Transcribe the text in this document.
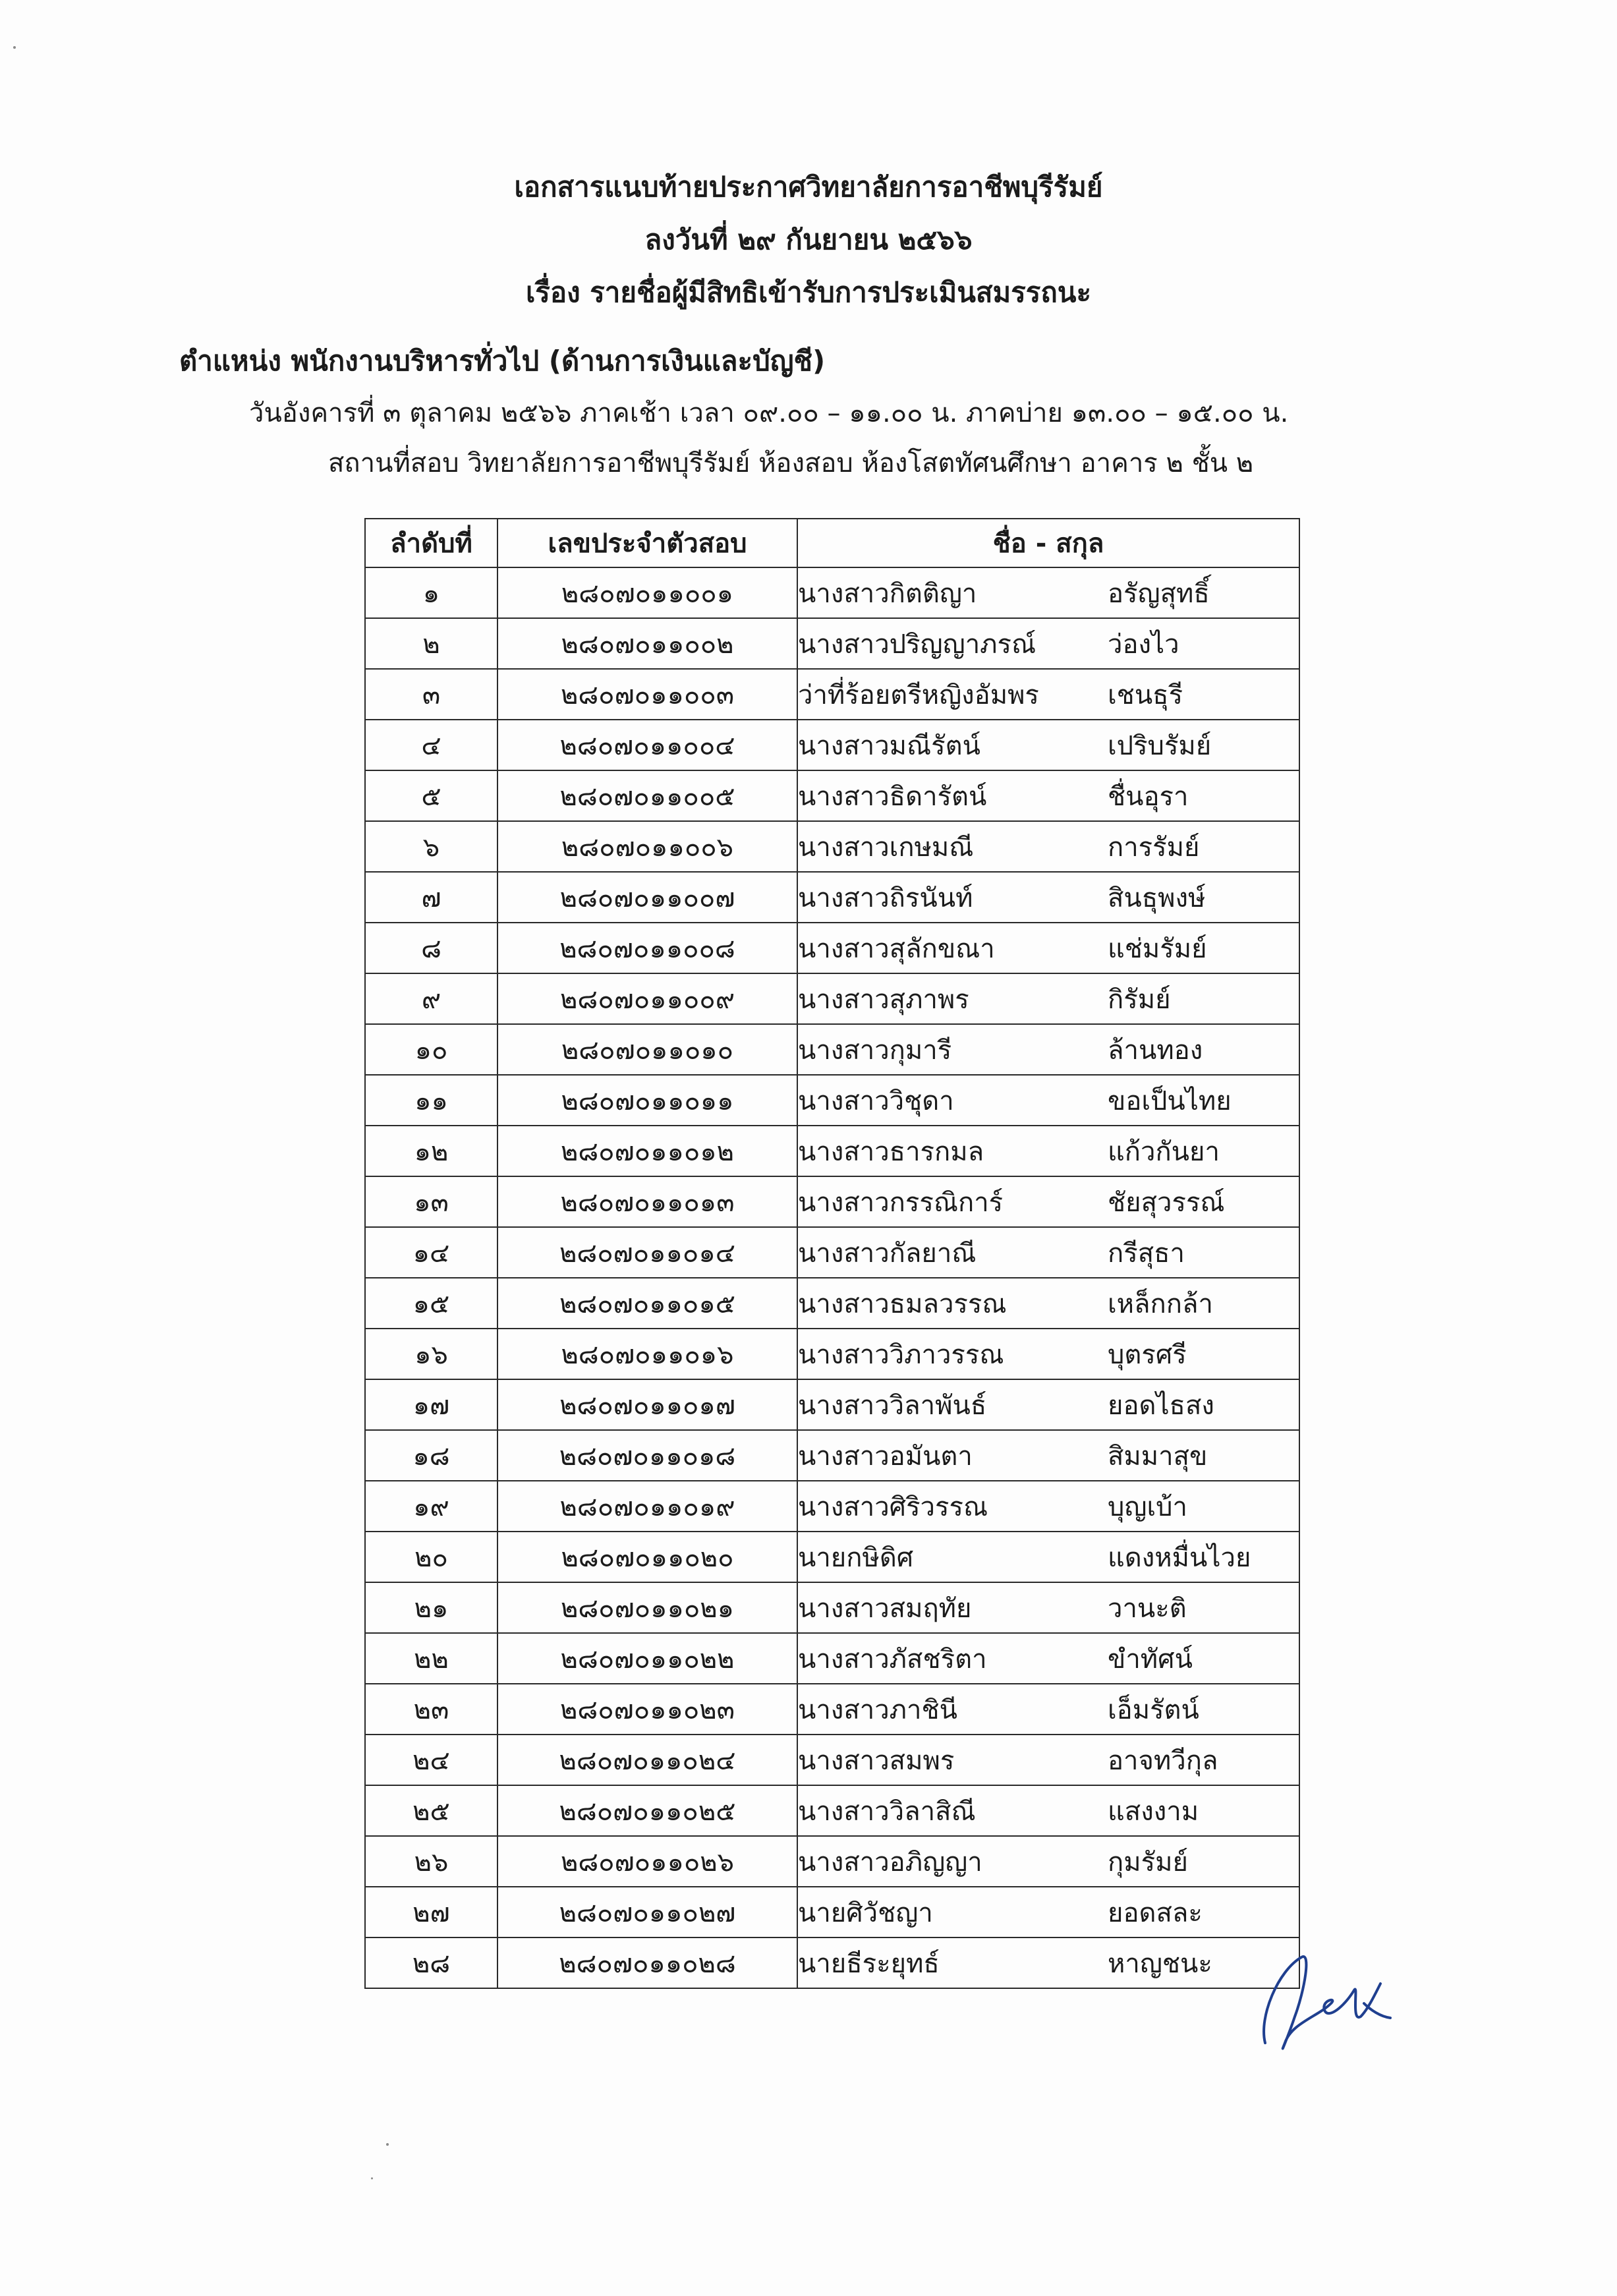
เอกสารแนบท้ายประกาศวิทยาลัยการอาชีพบุรีรัมย์
ลงวันที่ ๒๙ กันยายน ๒๕๖๖
เรื่อง รายชื่อผู้มีสิทธิเข้ารับการประเมินสมรรถนะ
ตำแหน่ง พนักงานบริหารทั่วไป (ด้านการเงินและบัญชี)
วันอังคารที่ ๓ ตุลาคม ๒๕๖๖ ภาคเช้า เวลา ๐๙.๐๐ – ๑๑.๐๐ น. ภาคบ่าย ๑๓.๐๐ – ๑๕.๐๐ น.
สถานที่สอบ วิทยาลัยการอาชีพบุรีรัมย์ ห้องสอบ ห้องโสตทัศนศึกษา อาคาร ๒ ชั้น ๒
ลำดับที่	เลขประจำตัวสอบ	ชื่อ - สกุล
๑	๒๘๐๗๐๑๑๐๐๑	นางสาวกิตติญา อรัญสุทธิ์
๒	๒๘๐๗๐๑๑๐๐๒	นางสาวปริญญาภรณ์ ว่องไว
๓	๒๘๐๗๐๑๑๐๐๓	ว่าที่ร้อยตรีหญิงอัมพร เชนธุรี
๔	๒๘๐๗๐๑๑๐๐๔	นางสาวมณีรัตน์ เปริบรัมย์
๕	๒๘๐๗๐๑๑๐๐๕	นางสาวธิดารัตน์ ชื่นอุรา
๖	๒๘๐๗๐๑๑๐๐๖	นางสาวเกษมณี การรัมย์
๗	๒๘๐๗๐๑๑๐๐๗	นางสาวถิรนันท์ สินธุพงษ์
๘	๒๘๐๗๐๑๑๐๐๘	นางสาวสุลักขณา แช่มรัมย์
๙	๒๘๐๗๐๑๑๐๐๙	นางสาวสุภาพร กิรัมย์
๑๐	๒๘๐๗๐๑๑๐๑๐	นางสาวกุมารี ล้านทอง
๑๑	๒๘๐๗๐๑๑๐๑๑	นางสาววิชุดา ขอเป็นไทย
๑๒	๒๘๐๗๐๑๑๐๑๒	นางสาวธารกมล แก้วกันยา
๑๓	๒๘๐๗๐๑๑๐๑๓	นางสาวกรรณิการ์ ชัยสุวรรณ์
๑๔	๒๘๐๗๐๑๑๐๑๔	นางสาวกัลยาณี กรีสุธา
๑๕	๒๘๐๗๐๑๑๐๑๕	นางสาวธมลวรรณ เหล็กกล้า
๑๖	๒๘๐๗๐๑๑๐๑๖	นางสาววิภาวรรณ บุตรศรี
๑๗	๒๘๐๗๐๑๑๐๑๗	นางสาววิลาพันธ์ ยอดไธสง
๑๘	๒๘๐๗๐๑๑๐๑๘	นางสาวอมันตา สิมมาสุข
๑๙	๒๘๐๗๐๑๑๐๑๙	นางสาวศิริวรรณ บุญเบ้า
๒๐	๒๘๐๗๐๑๑๐๒๐	นายกษิดิศ แดงหมื่นไวย
๒๑	๒๘๐๗๐๑๑๐๒๑	นางสาวสมฤทัย วานะติ
๒๒	๒๘๐๗๐๑๑๐๒๒	นางสาวภัสชริตา ขำทัศน์
๒๓	๒๘๐๗๐๑๑๐๒๓	นางสาวภาชินี เอ็มรัตน์
๒๔	๒๘๐๗๐๑๑๐๒๔	นางสาวสมพร อาจทวีกุล
๒๕	๒๘๐๗๐๑๑๐๒๕	นางสาววิลาสิณี แสงงาม
๒๖	๒๘๐๗๐๑๑๐๒๖	นางสาวอภิญญา กุมรัมย์
๒๗	๒๘๐๗๐๑๑๐๒๗	นายศิวัชญา ยอดสละ
๒๘	๒๘๐๗๐๑๑๐๒๘	นายธีระยุทธ์ หาญชนะ
